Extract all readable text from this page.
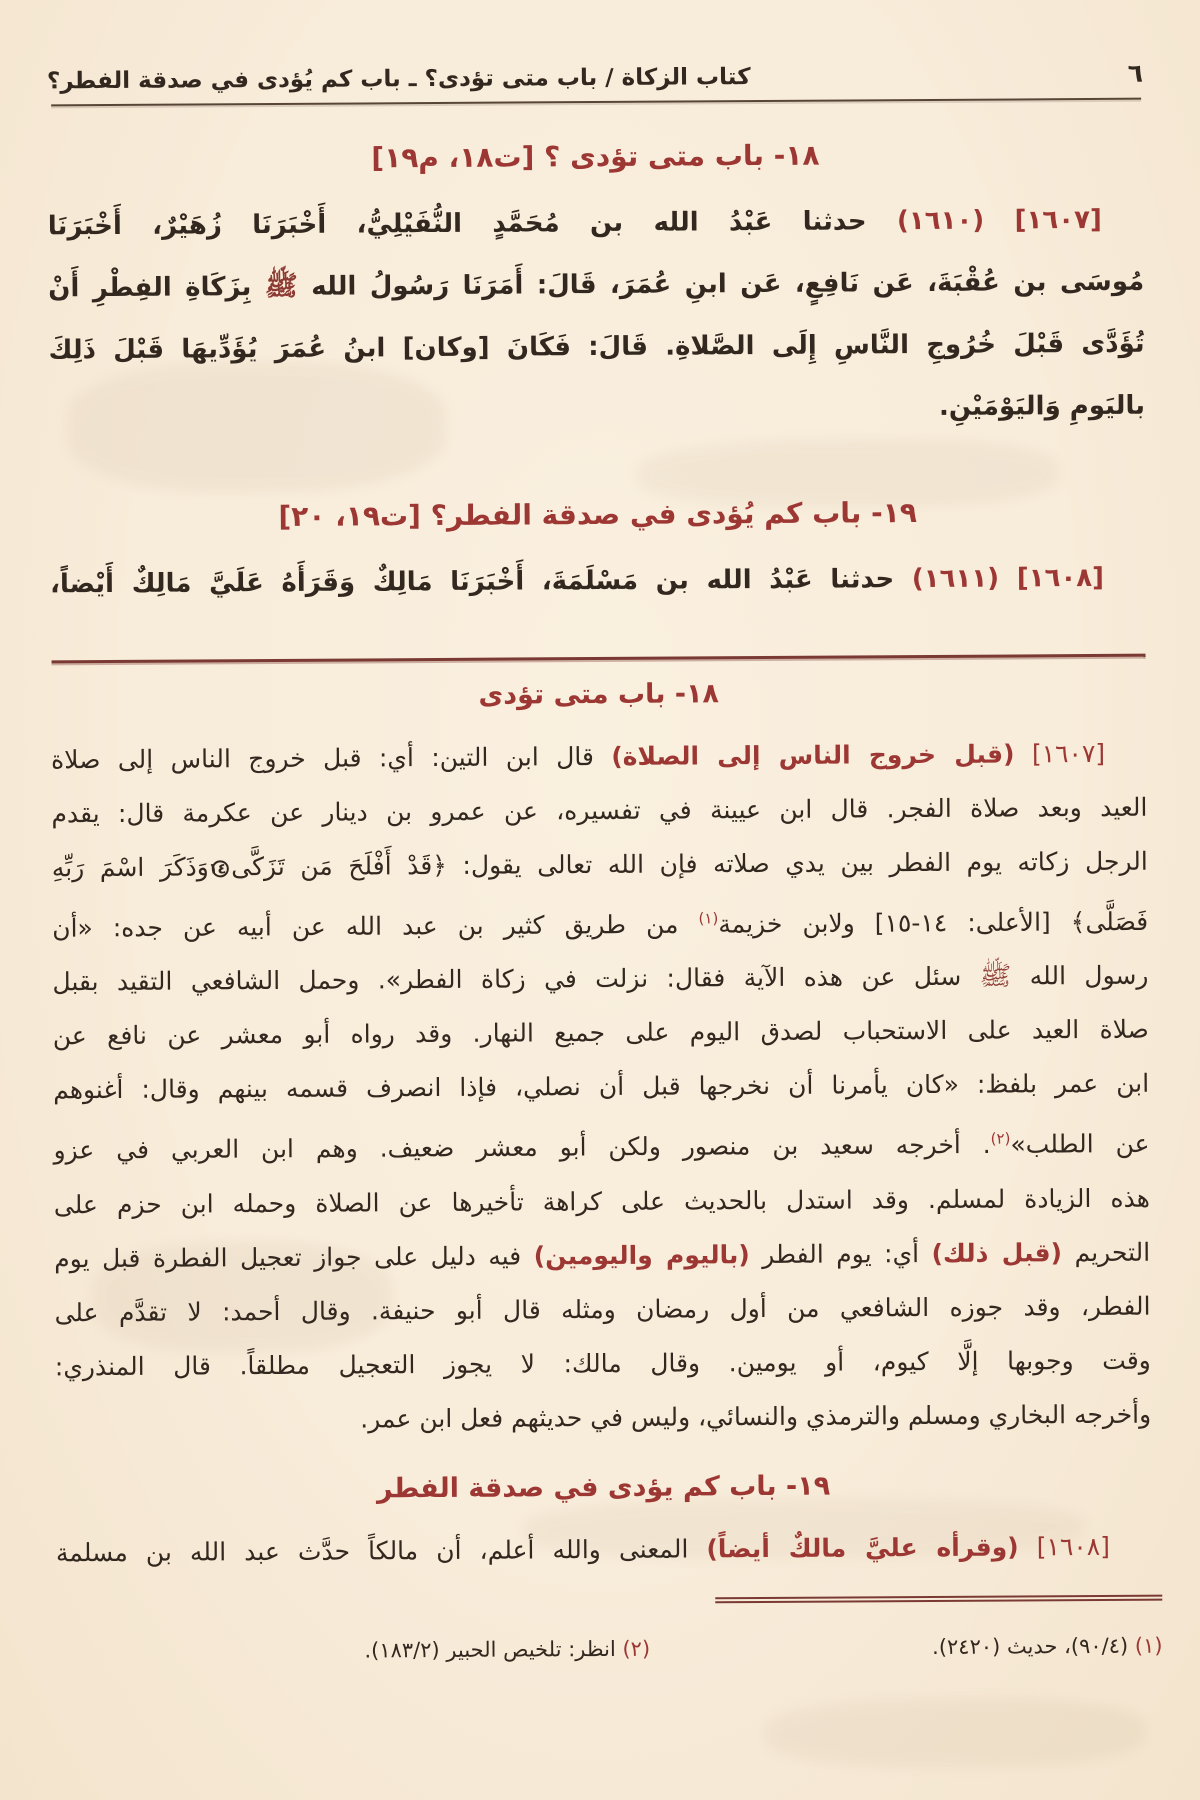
كتاب الزكاة / باب متى تؤدى؟ ـ باب كم يُؤدى في صدقة الفطر؟	٦
١٨- باب متى تؤدى ؟ [ت١٨، م١٩]
[١٦٠٧] (١٦١٠) حدثنا عَبْدُ الله بن مُحَمَّدٍ النُّفَيْلِيُّ، أَخْبَرَنَا زُهَيْرٌ، أَخْبَرَنَا
مُوسَى بن عُقْبَةَ، عَن نَافِعٍ، عَن ابنِ عُمَرَ، قَالَ: أَمَرَنَا رَسُولُ الله ﷺ بِزَكَاةِ الفِطْرِ أَنْ
تُؤَدَّى قَبْلَ خُرُوجِ النَّاسِ إِلَى الصَّلاةِ. قَالَ: فَكَانَ [وكان] ابنُ عُمَرَ يُؤَدِّيهَا قَبْلَ ذَلِكَ
باليَومِ وَاليَوْمَيْنِ.
١٩- باب كم يُؤدى في صدقة الفطر؟ [ت١٩، ٢٠]
[١٦٠٨] (١٦١١) حدثنا عَبْدُ الله بن مَسْلَمَةَ، أَخْبَرَنَا مَالِكٌ وَقَرَأَهُ عَلَيَّ مَالِكٌ أَيْضاً،
١٨- باب متى تؤدى
[١٦٠٧] (قبل خروج الناس إلى الصلاة) قال ابن التين: أي: قبل خروج الناس إلى صلاة
العيد وبعد صلاة الفجر. قال ابن عيينة في تفسيره، عن عمرو بن دينار عن عكرمة قال: يقدم
الرجل زكاته يوم الفطر بين يدي صلاته فإن الله تعالى يقول: ﴿قَدْ أَفْلَحَ مَن تَزَكَّى١٤وَذَكَرَ اسْمَ رَبِّهِ
فَصَلَّى﴾ [الأعلى: ١٤-١٥] ولابن خزيمة$^{(١)}$ من طريق كثير بن عبد الله عن أبيه عن جده: «أن
رسول الله ﷺ سئل عن هذه الآية فقال: نزلت في زكاة الفطر». وحمل الشافعي التقيد بقبل
صلاة العيد على الاستحباب لصدق اليوم على جميع النهار. وقد رواه أبو معشر عن نافع عن
ابن عمر بلفظ: «كان يأمرنا أن نخرجها قبل أن نصلي، فإذا انصرف قسمه بينهم وقال: أغنوهم
عن الطلب»$^{(٢)}$. أخرجه سعيد بن منصور ولكن أبو معشر ضعيف. وهم ابن العربي في عزو
هذه الزيادة لمسلم. وقد استدل بالحديث على كراهة تأخيرها عن الصلاة وحمله ابن حزم على
التحريم (قبل ذلك) أي: يوم الفطر (باليوم واليومين) فيه دليل على جواز تعجيل الفطرة قبل يوم
الفطر، وقد جوزه الشافعي من أول رمضان ومثله قال أبو حنيفة. وقال أحمد: لا تقدَّم على
وقت وجوبها إلَّا كيوم، أو يومين. وقال مالك: لا يجوز التعجيل مطلقاً. قال المنذري:
وأخرجه البخاري ومسلم والترمذي والنسائي، وليس في حديثهم فعل ابن عمر.
١٩- باب كم يؤدى في صدقة الفطر
[١٦٠٨] (وقرأه عليَّ مالكٌ أيضاً) المعنى والله أعلم، أن مالكاً حدَّث عبد الله بن مسلمة
(١) (٩٠/٤)، حديث (٢٤٢٠).
(٢) انظر: تلخيص الحبير (١٨٣/٢).
